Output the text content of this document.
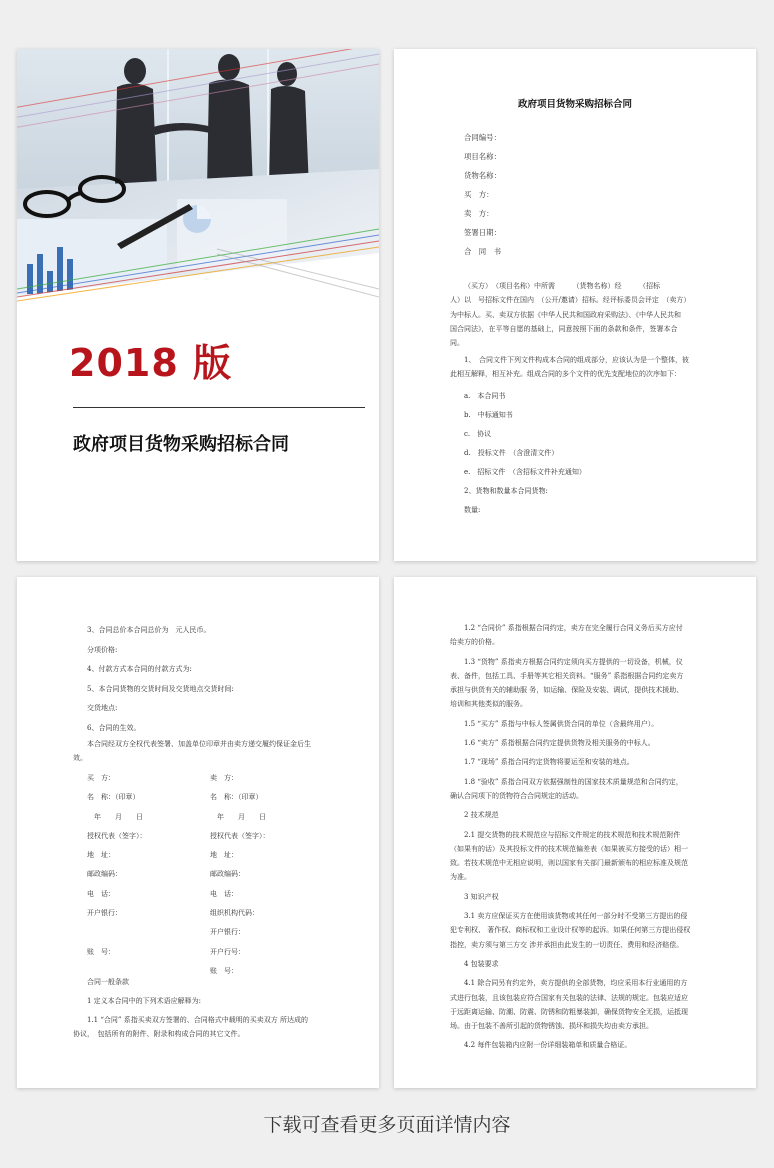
2018 版
政府项目货物采购招标合同
政府项目货物采购招标合同
合同编号：
项目名称：
货物名称：
买　方：
卖　方：
签署日期：
合　同　书
（买方）　（项目名称）中所需　　　（货物名称）经　　　（招标
人）以　号招标文件在国内　（公开/邀请）招标。经评标委员会评定　（卖方）
为中标人。买、卖双方依据《中华人民共和国政府采购法》、《中华人民共和
国合同法》，在平等自愿的基础上，同意按照下面的条款和条件，签署本合
同。
1、　合同文件下列文件构成本合同的组成部分，应该认为是一个整体，彼
此相互解释，相互补充。组成合同的多个文件的优先支配地位的次序如下：
a.　本合同书
b.　中标通知书
c.　协议
d.　投标文件　（含澄清文件）
e.　招标文件　（含招标文件补充通知）
2、货物和数量本合同货物:
数量:
3、合同总价本合同总价为　元人民币。
分项价格:
4、付款方式本合同的付款方式为:
5、本合同货物的交货时间及交货地点交货时间:
交货地点:
6、合同的生效。
本合同经双方全权代表签署、加盖单位印章并由卖方递交履约保证金后生
效。
买　方：
名　称：（印章）
　年　　月　　日
授权代表（签字）：
地　址：
邮政编码：
电　话：
开户银行：

账　号：
卖　方：
名　称：（印章）
　年　　月　　日
授权代表（签字）：
地　址：
邮政编码：
电　话：
组织机构代码：
开户银行：
开户行号：
账　号：
合同一般条款
1 定义本合同中的下列术语应解释为:
1.1 “合同” 系指买卖双方签署的、合同格式中载明的买卖双方 所达成的
协议，　包括所有的附件、附录和构成合同的其它文件。
1.2 “合同价” 系指根据合同约定，卖方在完全履行合同义务后买方应付
给卖方的价格。
1.3 “货物” 系指卖方根据合同约定须向买方提供的一切设备，机械，仪
表、备件，包括工具、手册等其它相关资料。“服务” 系指根据合同约定卖方
承担与供货有关的辅助服 务，如运输、保险及安装、调试，提供技术援助、
培训和其他类似的服务。
1.5 “买方” 系指与中标人签属供货合同的单位（含最终用户）。
1.6 “卖方” 系指根据合同约定提供货物及相关服务的中标人。
1.7 “现场” 系指合同约定货物将要运至和安装的地点。
1.8 “验收” 系指合同双方依据强制性的国家技术质量规范和合同约定，
确认合同项下的货物符合合同规定的活动。
2 技术规范
2.1 提交货物的技术规范应与招标文件规定的技术规范和技术规范附件
（如果有的话）及其投标文件的技术规范偏差表（如果被买方接受的话）相一
致。若技术规范中无相应说明，则以国家有关部门最新颁布的相应标准及规范
为准。
3 知识产权
3.1 卖方应保证买方在使用该货物或其任何一部分时不受第三方提出的侵
犯专利权、 著作权、商标权和工业设计权等的起诉。如果任何第三方提出侵权
指控，卖方须与第三方交 涉并承担由此发生的一切责任、费用和经济赔偿。
4 包装要求
4.1 除合同另有约定外，卖方提供的全部货物，均应采用本行业通用的方
式进行包装，且该包装应符合国家有关包装的法律、法规的规定。包装应适应
于远距离运输、防潮、防震、防锈和防粗暴装卸，确保货物安全无损，运抵现
场。由于包装不善所引起的货物锈蚀、损坏和损失均由卖方承担。
4.2 每件包装箱内应附一份详细装箱单和质量合格证。
下载可查看更多页面详情内容
